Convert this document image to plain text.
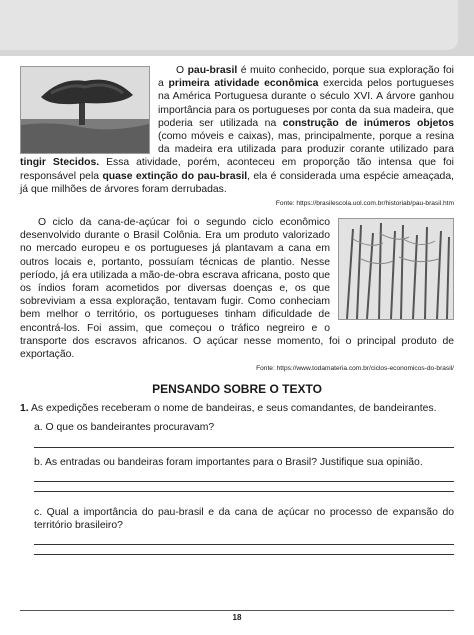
O pau-brasil é muito conhecido, porque sua exploração foi a primeira atividade econômica exercida pelos portugueses na América Portuguesa durante o século XVI. A árvore ganhou importância para os portugueses por conta da sua madeira, que poderia ser utilizada na construção de inúmeros objetos (como móveis e caixas), mas, principalmente, porque a resina da madeira era utilizada para produzir corante utilizado para tingir Stecidos. Essa atividade, porém, aconteceu em proporção tão intensa que foi responsável pela quase extinção do pau-brasil, ela é considerada uma espécie ameaçada, já que milhões de árvores foram derrubadas.

Fonte: https://brasilescola.uol.com.br/historiab/pau-brasil.htm

O ciclo da cana-de-açúcar foi o segundo ciclo econômico desenvolvido durante o Brasil Colônia. Era um produto valorizado no mercado europeu e os portugueses já plantavam a cana em outros locais e, portanto, possuíam técnicas de plantio. Nesse período, já era utilizada a mão-de-obra escrava africana, posto que os índios foram acometidos por diversas doenças e, os que sobreviviam a essa exploração, tentavam fugir. Como conheciam bem melhor o território, os portugueses tinham dificuldade de encontrá-los. Foi assim, que começou o tráfico negreiro e o transporte dos escravos africanos. O açúcar nesse momento, foi o principal produto de exportação.

Fonte: https://www.todamateria.com.br/ciclos-economicos-do-brasil/
PENSANDO SOBRE O TEXTO

1. As expedições receberam o nome de bandeiras, e seus comandantes, de bandeirantes.

a. O que os bandeirantes procuravam?

b. As entradas ou bandeiras foram importantes para o Brasil? Justifique sua opinião.

c. Qual a importância do pau-brasil e da cana de açúcar no processo de expansão do território brasileiro?

18
